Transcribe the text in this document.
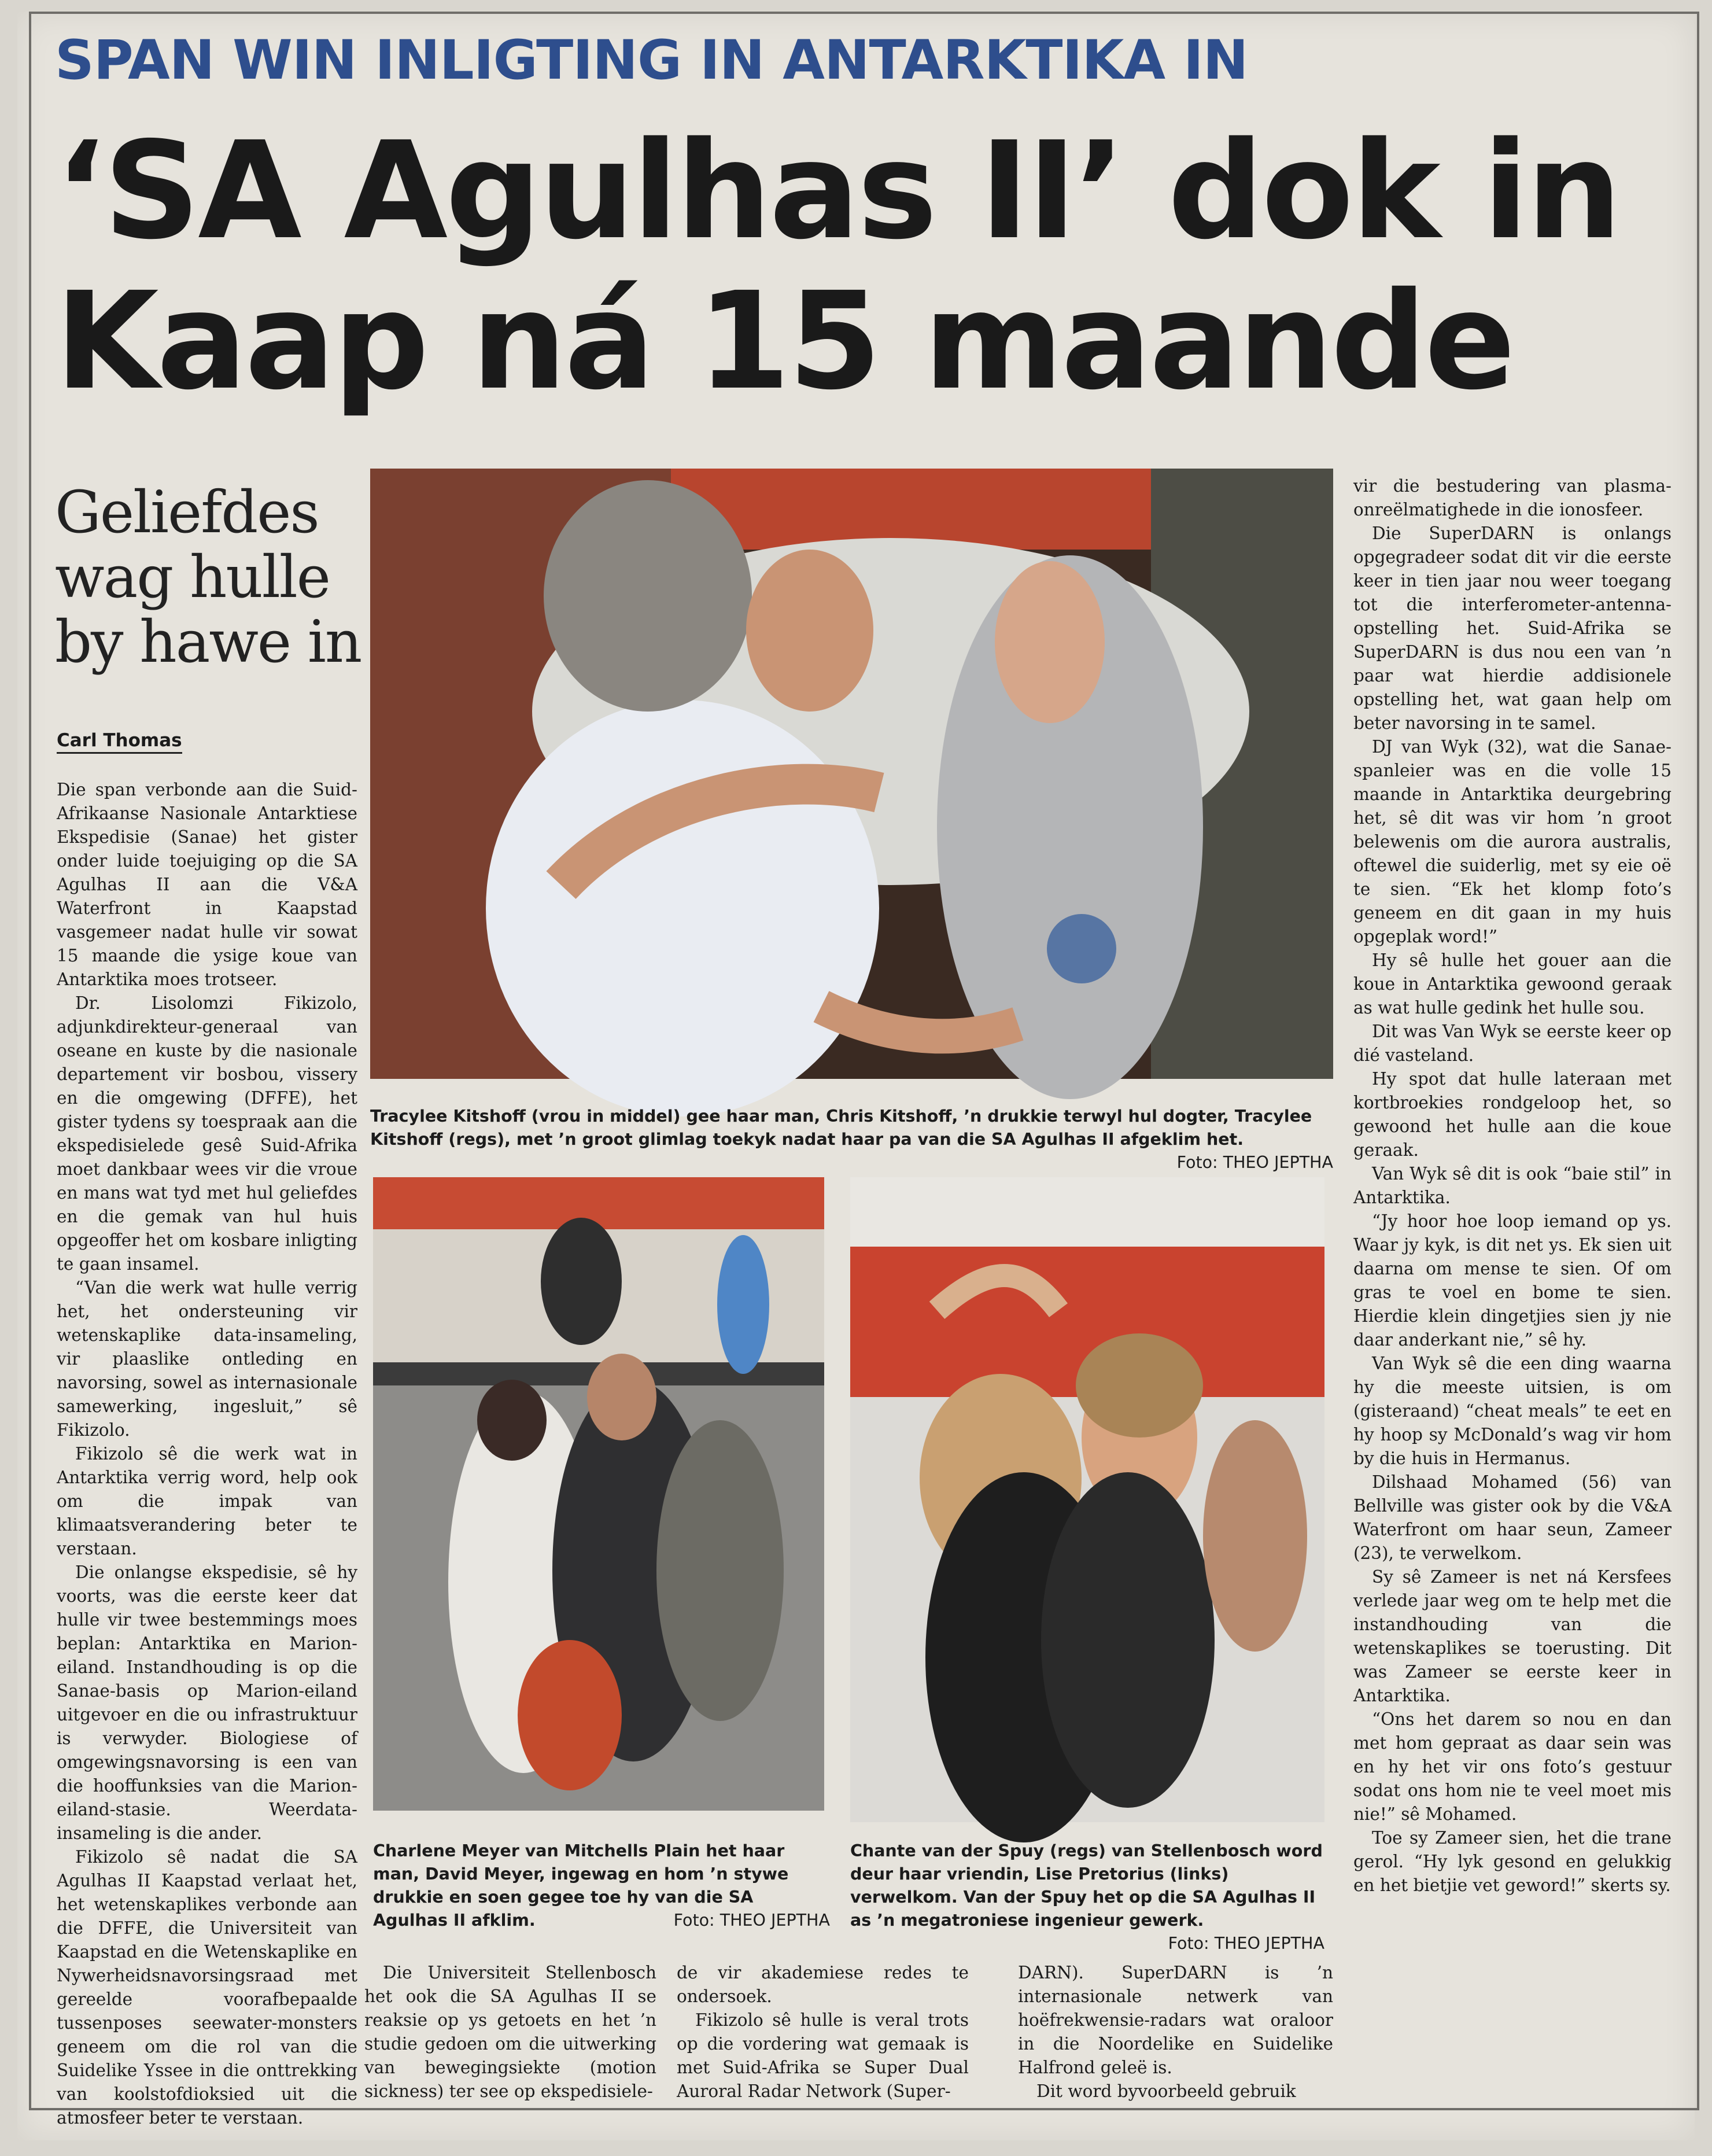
SPAN WIN INLIGTING IN ANTARKTIKA IN
‘SA Agulhas II’ dok in
Kaap ná 15 maande
Geliefdes
wag hulle
by hawe in
Carl Thomas

Die span verbonde aan die Suid-Afrikaanse Nasionale Antarktiese Ekspedisie (Sanae) het gister onder luide toejuiging op die SA Agulhas II aan die V&A Waterfront in Kaapstad vasgemeer nadat hulle vir sowat 15 maande die ysige koue van Antarktika moes trotseer.

Dr. Lisolomzi Fikizolo, adjunkdirekteur-generaal van oseane en kuste by die nasionale departement vir bosbou, vissery en die omgewing (DFFE), het gister tydens sy toespraak aan die ekspedisielede gesê Suid-Afrika moet dankbaar wees vir die vroue en mans wat tyd met hul geliefdes en die gemak van hul huis opgeoffer het om kosbare inligting te gaan insamel.

“Van die werk wat hulle verrig het, het ondersteuning vir wetenskaplike data-insameling, vir plaaslike ontleding en navorsing, sowel as internasionale samewerking, ingesluit,” sê Fikizolo.

Fikizolo sê die werk wat in Antarktika verrig word, help ook om die impak van klimaatsverandering beter te verstaan.

Die onlangse ekspedisie, sê hy voorts, was die eerste keer dat hulle vir twee bestemmings moes beplan: Antarktika en Marion-eiland. Instandhouding is op die Sanae-basis op Marion-eiland uitgevoer en die ou infrastruktuur is verwyder. Biologiese of omgewingsnavorsing is een van die hooffunksies van die Marion-eiland-stasie. Weerdata-insameling is die ander.

Fikizolo sê nadat die SA Agulhas II Kaapstad verlaat het, het wetenskaplikes verbonde aan die DFFE, die Universiteit van Kaapstad en die Wetenskaplike en Nywerheidsnavorsingsraad met gereelde voorafbepaalde tussenposes seewater-monsters geneem om die rol van die Suidelike Yssee in die onttrekking van koolstofdioksied uit die atmosfeer beter te verstaan.

Tracylee Kitshoff (vrou in middel) gee haar man, Chris Kitshoff, ’n drukkie terwyl hul dogter, Tracylee Kitshoff (regs), met ’n groot glimlag toekyk nadat haar pa van die SA Agulhas II afgeklim het.
Foto: THEO JEPTHA
Charlene Meyer van Mitchells Plain het haar man, David Meyer, ingewag en hom ’n stywe drukkie en soen gegee toe hy van die SA Agulhas II afklim.	Foto: THEO JEPTHA
Chante van der Spuy (regs) van Stellenbosch word deur haar vriendin, Lise Pretorius (links) verwelkom. Van der Spuy het op die SA Agulhas II as ’n megatroniese ingenieur gewerk.
Foto: THEO JEPTHA

Die Universiteit Stellenbosch het ook die SA Agulhas II se reaksie op ys getoets en het ’n studie gedoen om die uitwerking van bewegingsiekte (motion sickness) ter see op ekspedisiele-

de vir akademiese redes te ondersoek.

Fikizolo sê hulle is veral trots op die vordering wat gemaak is met Suid-Afrika se Super Dual Auroral Radar Network (Super-

DARN). SuperDARN is ’n internasionale netwerk van hoëfrekwensie-radars wat oraloor in die Noordelike en Suidelike Halfrond geleë is.

Dit word byvoorbeeld gebruik

vir die bestudering van plasma-onreëlmatighede in die ionosfeer.

Die SuperDARN is onlangs opgegradeer sodat dit vir die eerste keer in tien jaar nou weer toegang tot die interferometer-antenna-opstelling het. Suid-Afrika se SuperDARN is dus nou een van ’n paar wat hierdie addisionele opstelling het, wat gaan help om beter navorsing in te samel.

DJ van Wyk (32), wat die Sanae-spanleier was en die volle 15 maande in Antarktika deurgebring het, sê dit was vir hom ’n groot belewenis om die aurora australis, oftewel die suiderlig, met sy eie oë te sien. “Ek het klomp foto’s geneem en dit gaan in my huis opgeplak word!”

Hy sê hulle het gouer aan die koue in Antarktika gewoond geraak as wat hulle gedink het hulle sou.

Dit was Van Wyk se eerste keer op dié vasteland.

Hy spot dat hulle lateraan met kortbroekies rondgeloop het, so gewoond het hulle aan die koue geraak.

Van Wyk sê dit is ook “baie stil” in Antarktika.

“Jy hoor hoe loop iemand op ys. Waar jy kyk, is dit net ys. Ek sien uit daarna om mense te sien. Of om gras te voel en bome te sien. Hierdie klein dingetjies sien jy nie daar anderkant nie,” sê hy.

Van Wyk sê die een ding waarna hy die meeste uitsien, is om (gisteraand) “cheat meals” te eet en hy hoop sy McDonald’s wag vir hom by die huis in Hermanus.

Dilshaad Mohamed (56) van Bellville was gister ook by die V&A Waterfront om haar seun, Zameer (23), te verwelkom.

Sy sê Zameer is net ná Kersfees verlede jaar weg om te help met die instandhouding van die wetenskaplikes se toerusting. Dit was Zameer se eerste keer in Antarktika.

“Ons het darem so nou en dan met hom gepraat as daar sein was en hy het vir ons foto’s gestuur sodat ons hom nie te veel moet mis nie!” sê Mohamed.

Toe sy Zameer sien, het die trane gerol. “Hy lyk gesond en gelukkig en het bietjie vet geword!” skerts sy.
